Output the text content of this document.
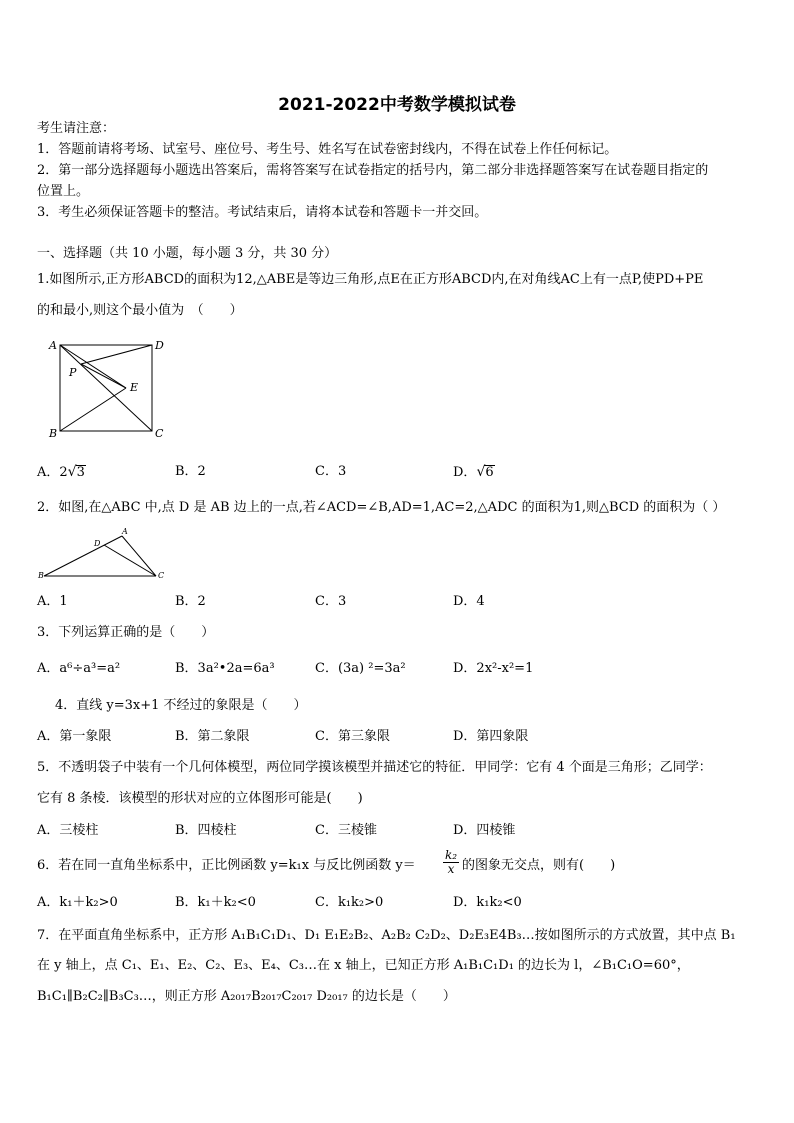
2021-2022中考数学模拟试卷
考生请注意：
1．答题前请将考场、试室号、座位号、考生号、姓名写在试卷密封线内，不得在试卷上作任何标记。
2．第一部分选择题每小题选出答案后，需将答案写在试卷指定的括号内，第二部分非选择题答案写在试卷题目指定的
位置上。
3．考生必须保证答题卡的整洁。考试结束后，请将本试卷和答题卡一并交回。
一、选择题（共 10 小题，每小题 3 分，共 30 分）
1.如图所示,正方形ABCD的面积为12,△ABE是等边三角形,点E在正方形ABCD内,在对角线AC上有一点P,使PD+PE
的和最小,则这个最小值为　（　　）
A	D
B	C
P
E
A．2√3	B．2	C．3	D．√6
2．如图,在△ABC 中,点 D 是 AB 边上的一点,若∠ACD=∠B,AD=1,AC=2,△ADC 的面积为1,则△BCD 的面积为（ ）
B	C
A
D
A．1	B．2	C．3	D．4
3．下列运算正确的是（　　）
A．a⁶÷a³=a²	B．3a²•2a=6a³	C．(3a) ²=3a²	D．2x²-x²=1
4．直线 y=3x+1 不经过的象限是（　　）
A．第一象限	B．第二象限	C．第三象限	D．第四象限
5．不透明袋子中装有一个几何体模型，两位同学摸该模型并描述它的特征．甲同学：它有 4 个面是三角形；乙同学：
它有 8 条棱．该模型的形状对应的立体图形可能是(　　)
A．三棱柱	B．四棱柱	C．三棱锥	D．四棱锥
6．若在同一直角坐标系中，正比例函数 y=k₁x 与反比例函数 $y= \frac{\text{k₂}}{x}$ 的图象无交点，则有(　　)
A．k₁＋k₂>0	B．k₁＋k₂<0	C．k₁k₂>0	D．k₁k₂<0
7．在平面直角坐标系中，正方形 A₁B₁C₁D₁、D₁ E₁E₂B₂、A₂B₂ C₂D₂、D₂E₃E4B₃…按如图所示的方式放置，其中点 B₁
在 y 轴上，点 C₁、E₁、E₂、C₂、E₃、E₄、C₃…在 x 轴上，已知正方形 A₁B₁C₁D₁ 的边长为 l，∠B₁C₁O=60°，
B₁C₁∥B₂C₂∥B₃C₃…，则正方形 A₂₀₁₇B₂₀₁₇C₂₀₁₇ D₂₀₁₇ 的边长是（　　）
